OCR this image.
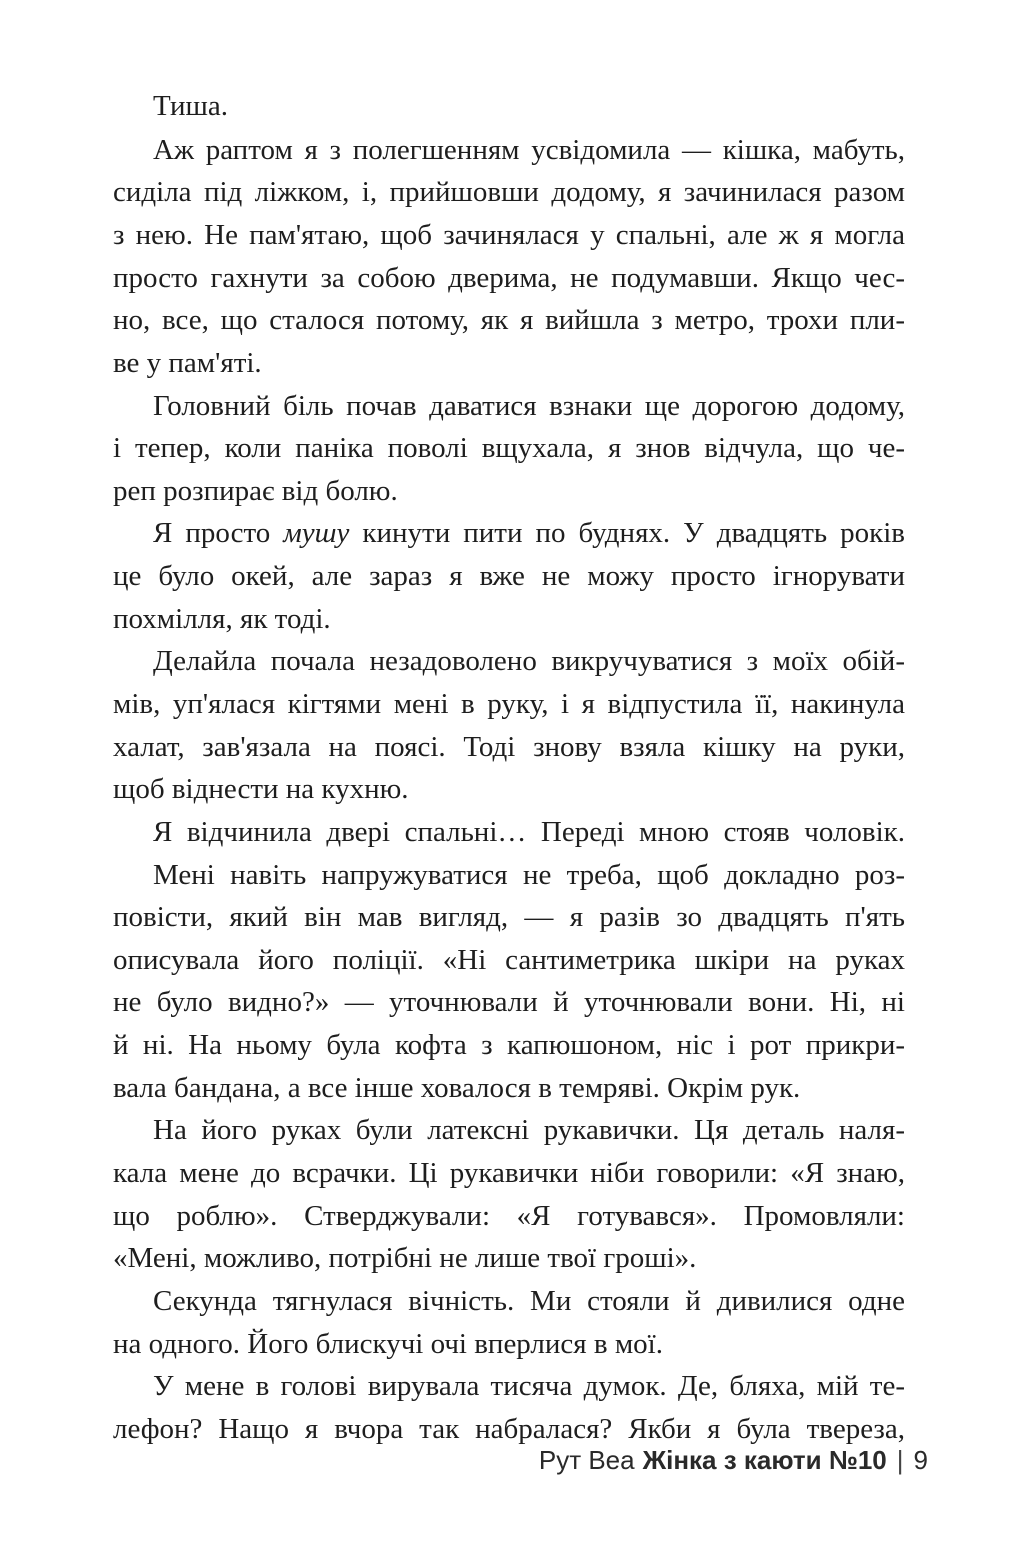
Тиша.
Аж раптом я з полегшенням усвідомила — кішка, мабуть,
сиділа під ліжком, і, прийшовши додому, я зачинилася разом
з нею. Не пам'ятаю, щоб зачинялася у спальні, але ж я могла
просто гахнути за собою дверима, не подумавши. Якщо чес-
но, все, що сталося потому, як я вийшла з метро, трохи пли-
ве у пам'яті.
Головний біль почав даватися взнаки ще дорогою додому,
і тепер, коли паніка поволі вщухала, я знов відчула, що че-
реп розпирає від болю.
Я просто мушу кинути пити по буднях. У двадцять років
це було окей, але зараз я вже не можу просто ігнорувати
похмілля, як тоді.
Делайла почала незадоволено викручуватися з моїх обій-
мів, уп'ялася кігтями мені в руку, і я відпустила її, накинула
халат, зав'язала на поясі. Тоді знову взяла кішку на руки,
щоб віднести на кухню.
Я відчинила двері спальні… Переді мною стояв чоловік.
Мені навіть напружуватися не треба, щоб докладно роз-
повісти, який він мав вигляд, — я разів зо двадцять п'ять
описувала його поліції. «Ні сантиметрика шкіри на руках
не було видно?» — уточнювали й уточнювали вони. Ні, ні
й ні. На ньому була кофта з капюшоном, ніс і рот прикри-
вала бандана, а все інше ховалося в темряві. Окрім рук.
На його руках були латексні рукавички. Ця деталь наля-
кала мене до всрачки. Ці рукавички ніби говорили: «Я знаю,
що роблю». Стверджували: «Я готувався». Промовляли:
«Мені, можливо, потрібні не лише твої гроші».
Секунда тягнулася вічність. Ми стояли й дивилися одне
на одного. Його блискучі очі вперлися в мої.
У мене в голові вирувала тисяча думок. Де, бляха, мій те-
лефон? Нащо я вчора так набралася? Якби я була твереза,
Рут Веа Жінка з каюти №10 | 9
